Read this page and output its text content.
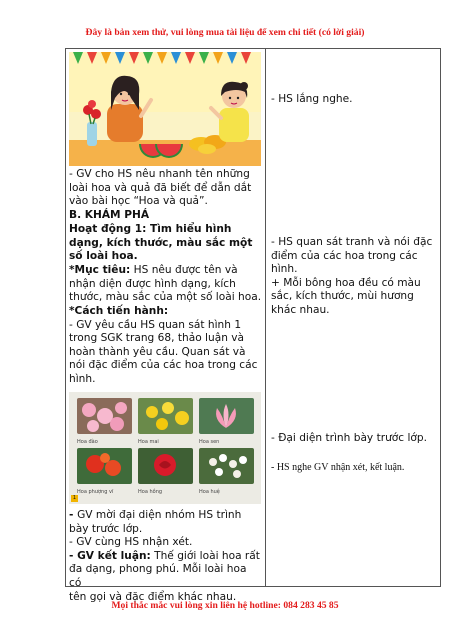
Đây là bản xem thử, vui lòng mua tài liệu để xem chi tiết (có lời giải)
- GV cho HS nêu nhanh tên những
loài hoa và quả đã biết để dẫn dắt
vào bài học “Hoa và quả”.
B. KHÁM PHÁ
Hoạt động 1: Tìm hiểu hình
dạng, kích thước, màu sắc một
số loài hoa.
*Mục tiêu: HS nêu được tên và
nhận diện được hình dạng, kích
thước, màu sắc của một số loài hoa.
*Cách tiến hành:
- GV yêu cầu HS quan sát hình 1
trong SGK trang 68, thảo luận và
hoàn thành yêu cầu. Quan sát và
nói đặc điểm của các hoa trong các
hình.
Hoa đào	Hoa mai	Hoa sen
Hoa phượng vĩ	Hoa hồng	Hoa huệ
1
- GV mời đại diện nhóm HS trình
bày trước lớp.
- GV cùng HS nhận xét.
- GV kết luận: Thế giới loài hoa rất
đa dạng, phong phú. Mỗi loài hoa có
tên gọi và đặc điểm khác nhau.

- HS lắng nghe.
- HS quan sát tranh và nói đặc
điểm của các hoa trong các
hình.
+ Mỗi bông hoa đều có màu
sắc, kích thước, mùi hương
khác nhau.
- Đại diện trình bày trước lớp.
- HS nghe GV nhận xét, kết luận.
Mọi thắc mắc vui lòng xin liên hệ hotline: 084 283 45 85
